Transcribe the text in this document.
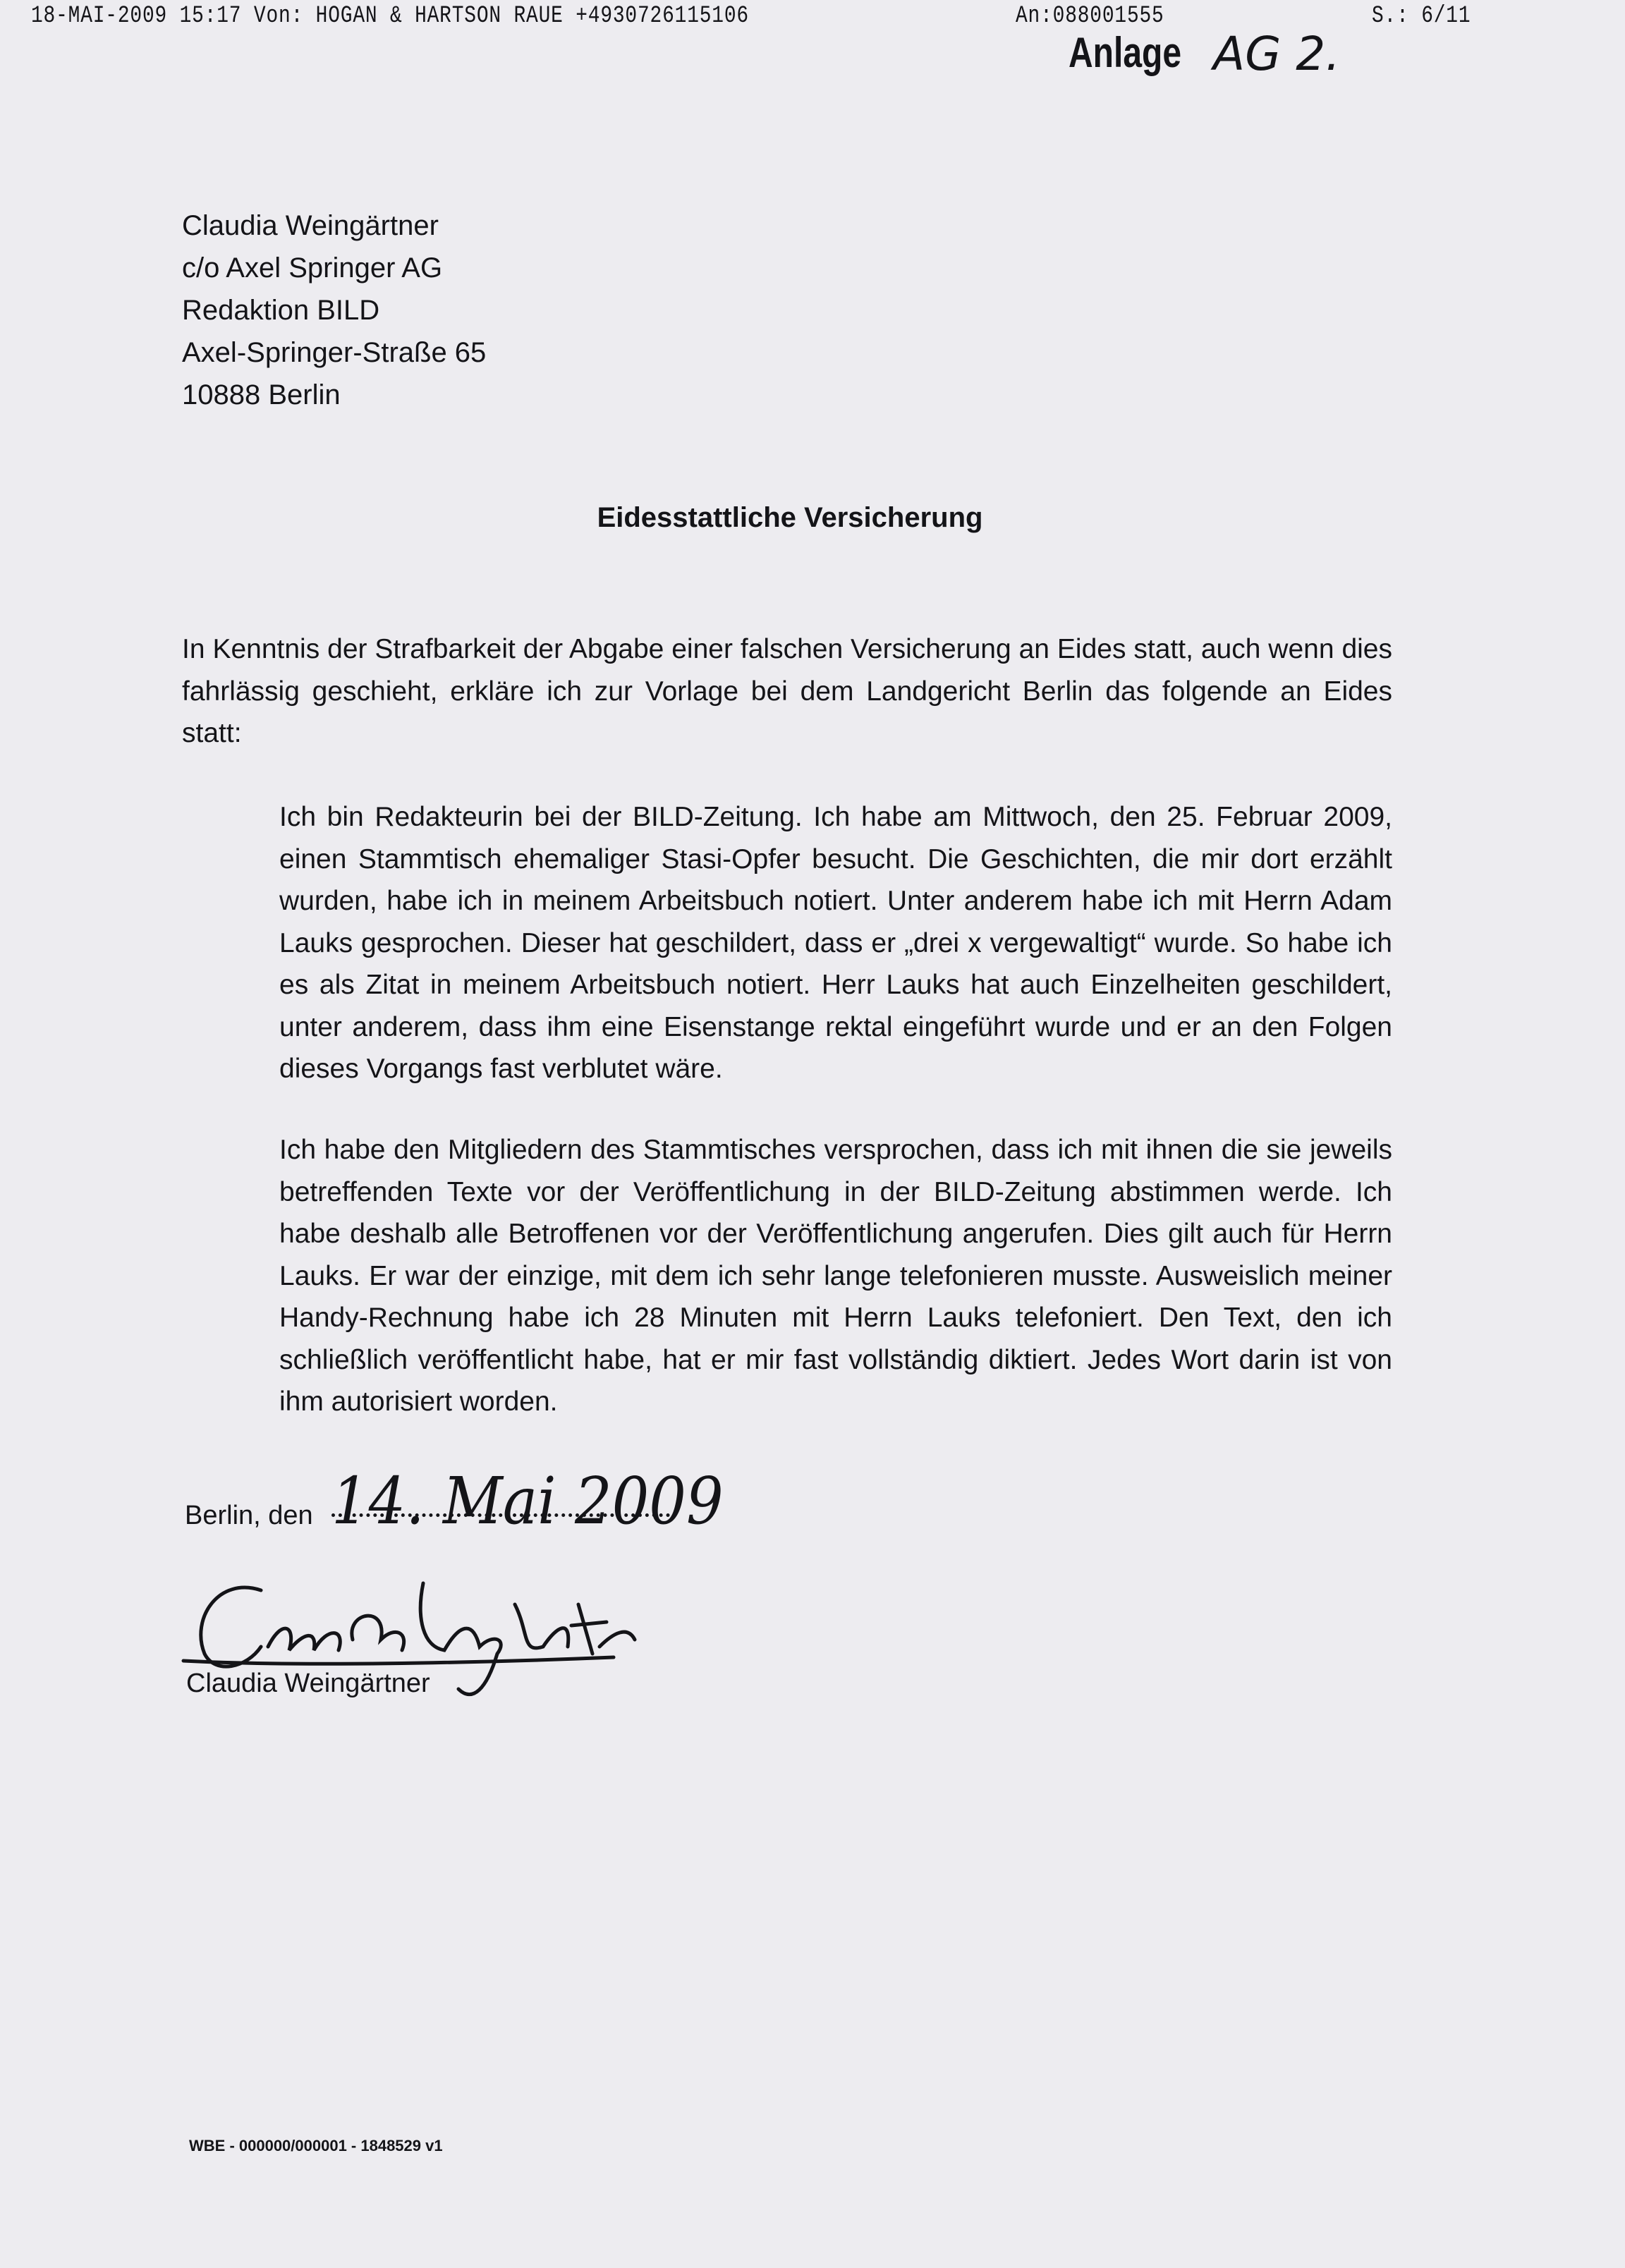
18-MAI-2009 15:17 Von: HOGAN & HARTSON RAUE +4930726115106	An:088001555	S.: 6/11
Anlage AG 2.
Claudia Weingärtner
c/o Axel Springer AG
Redaktion BILD
Axel-Springer-Straße 65
10888 Berlin
Eidesstattliche Versicherung
In Kenntnis der Strafbarkeit der Abgabe einer falschen Versicherung an Eides statt, auch wenn dies fahrlässig geschieht, erkläre ich zur Vorlage bei dem Landgericht Berlin das folgende an Eides statt:
Ich bin Redakteurin bei der BILD-Zeitung. Ich habe am Mittwoch, den 25. Februar 2009, einen Stammtisch ehemaliger Stasi-Opfer besucht. Die Geschichten, die mir dort erzählt wurden, habe ich in meinem Arbeitsbuch notiert. Unter anderem habe ich mit Herrn Adam Lauks gesprochen. Dieser hat geschildert, dass er „drei x vergewaltigt“ wurde. So habe ich es als Zitat in meinem Arbeitsbuch notiert. Herr Lauks hat auch Einzelheiten geschildert, unter anderem, dass ihm eine Eisenstange rektal eingeführt wurde und er an den Folgen dieses Vorgangs fast verblutet wäre.
Ich habe den Mitgliedern des Stammtisches versprochen, dass ich mit ihnen die sie jeweils betreffenden Texte vor der Veröffentlichung in der BILD-Zeitung abstimmen werde. Ich habe deshalb alle Betroffenen vor der Veröffentlichung angerufen. Dies gilt auch für Herrn Lauks. Er war der einzige, mit dem ich sehr lange telefonieren musste. Ausweislich meiner Handy-Rechnung habe ich 28 Minuten mit Herrn Lauks telefoniert. Den Text, den ich schließlich veröffentlicht habe, hat er mir fast vollständig diktiert. Jedes Wort darin ist von ihm autorisiert worden.
Berlin, den 14. Mai 2009
Claudia Weingärtner
WBE - 000000/000001 - 1848529 v1
